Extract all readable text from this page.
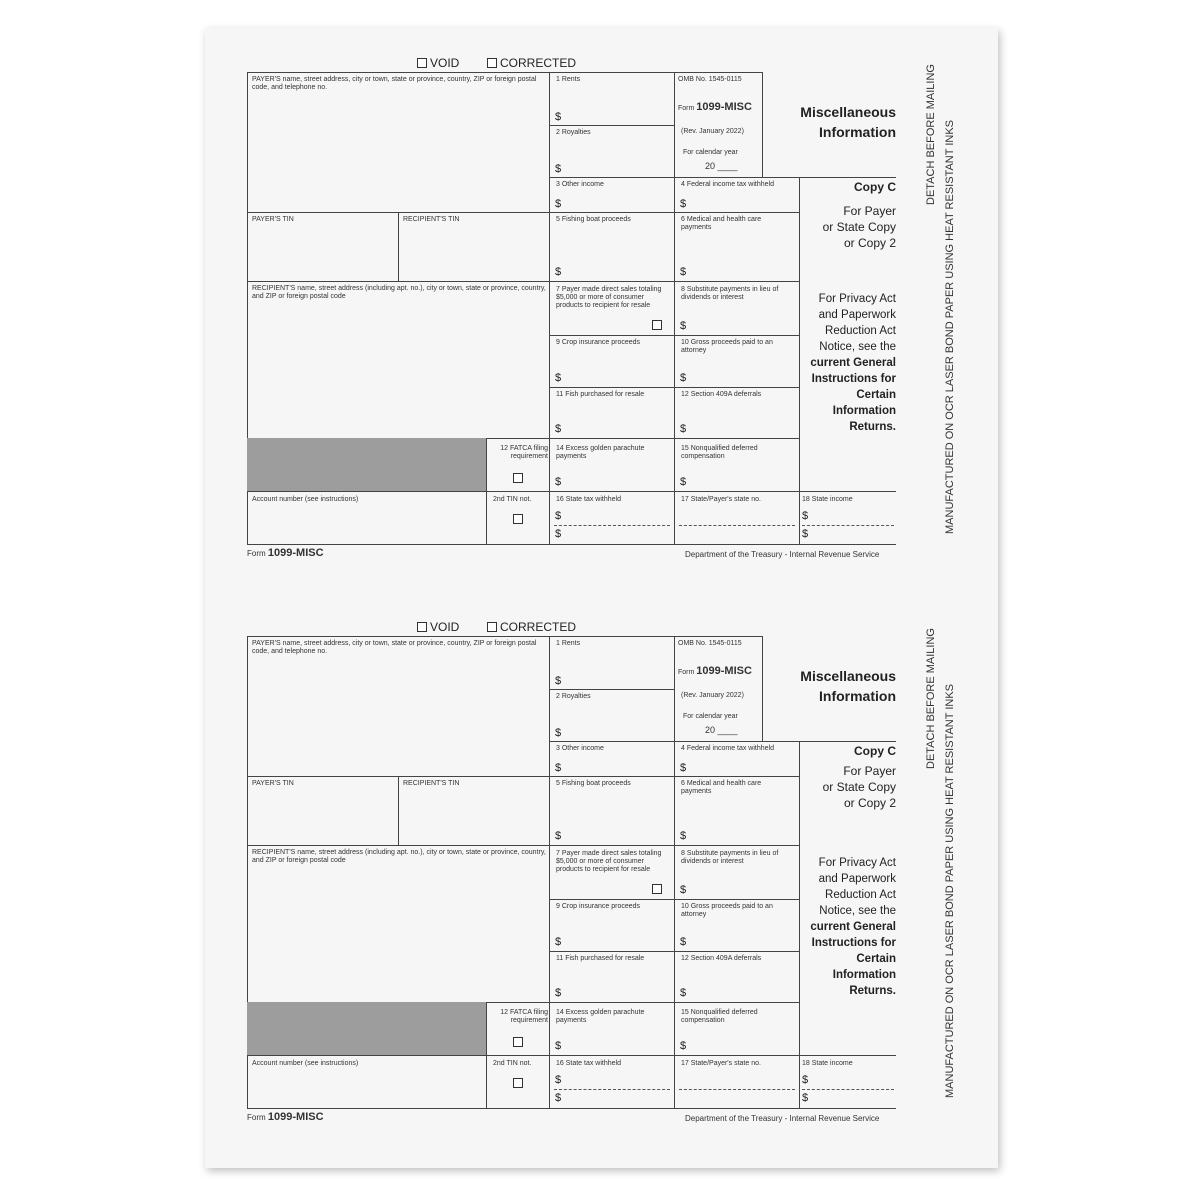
VOID	CORRECTED
PAYER'S name, street address, city or town, state or province, country, ZIP or foreign postal code, and telephone no.
PAYER'S TIN	RECIPIENT'S TIN
RECIPIENT'S name, street address (including apt. no.), city or town, state or province, country, and ZIP or foreign postal code
12 FATCA filing requirement
Account number (see instructions)	2nd TIN not.
1 Rents
$
2 Royalties
$
OMB No. 1545-0115
Form 1099-MISC
(Rev. January 2022)
For calendar year
20 ____
3 Other income
$
4 Federal income tax withheld
$
5 Fishing boat proceeds
$
6 Medical and health care payments
$
7 Payer made direct sales totaling $5,000 or more of consumer products to recipient for resale
8 Substitute payments in lieu of dividends or interest
$
9 Crop insurance proceeds
$
10 Gross proceeds paid to an attorney
$
11 Fish purchased for resale
$
12 Section 409A deferrals
$
14 Excess golden parachute payments
$
15 Nonqualified deferred compensation
$
16 State tax withheld
$
$
17 State/Payer's state no.	18 State income
$
$
Miscellaneous
Information
Copy C
For Payer
or State Copy
or Copy 2
For Privacy Act
and Paperwork
Reduction Act
Notice, see the
current General
Instructions for
Certain
Information
Returns.
Form 1099-MISC	Department of the Treasury - Internal Revenue Service
DETACH BEFORE MAILING MANUFACTURED ON OCR LASER BOND PAPER USING HEAT RESISTANT INKS
VOID	CORRECTED
PAYER'S name, street address, city or town, state or province, country, ZIP or foreign postal code, and telephone no.
PAYER'S TIN	RECIPIENT'S TIN
RECIPIENT'S name, street address (including apt. no.), city or town, state or province, country, and ZIP or foreign postal code
12 FATCA filing requirement
Account number (see instructions)	2nd TIN not.
1 Rents
$
2 Royalties
$
OMB No. 1545-0115
Form 1099-MISC
(Rev. January 2022)
For calendar year
20 ____
3 Other income
$
4 Federal income tax withheld
$
5 Fishing boat proceeds
$
6 Medical and health care payments
$
7 Payer made direct sales totaling $5,000 or more of consumer products to recipient for resale
8 Substitute payments in lieu of dividends or interest
$
9 Crop insurance proceeds
$
10 Gross proceeds paid to an attorney
$
11 Fish purchased for resale
$
12 Section 409A deferrals
$
14 Excess golden parachute payments
$
15 Nonqualified deferred compensation
$
16 State tax withheld
$
$
17 State/Payer's state no.	18 State income
$
$
Miscellaneous
Information
Copy C
For Payer
or State Copy
or Copy 2
For Privacy Act
and Paperwork
Reduction Act
Notice, see the
current General
Instructions for
Certain
Information
Returns.
Form 1099-MISC	Department of the Treasury - Internal Revenue Service
DETACH BEFORE MAILING MANUFACTURED ON OCR LASER BOND PAPER USING HEAT RESISTANT INKS
